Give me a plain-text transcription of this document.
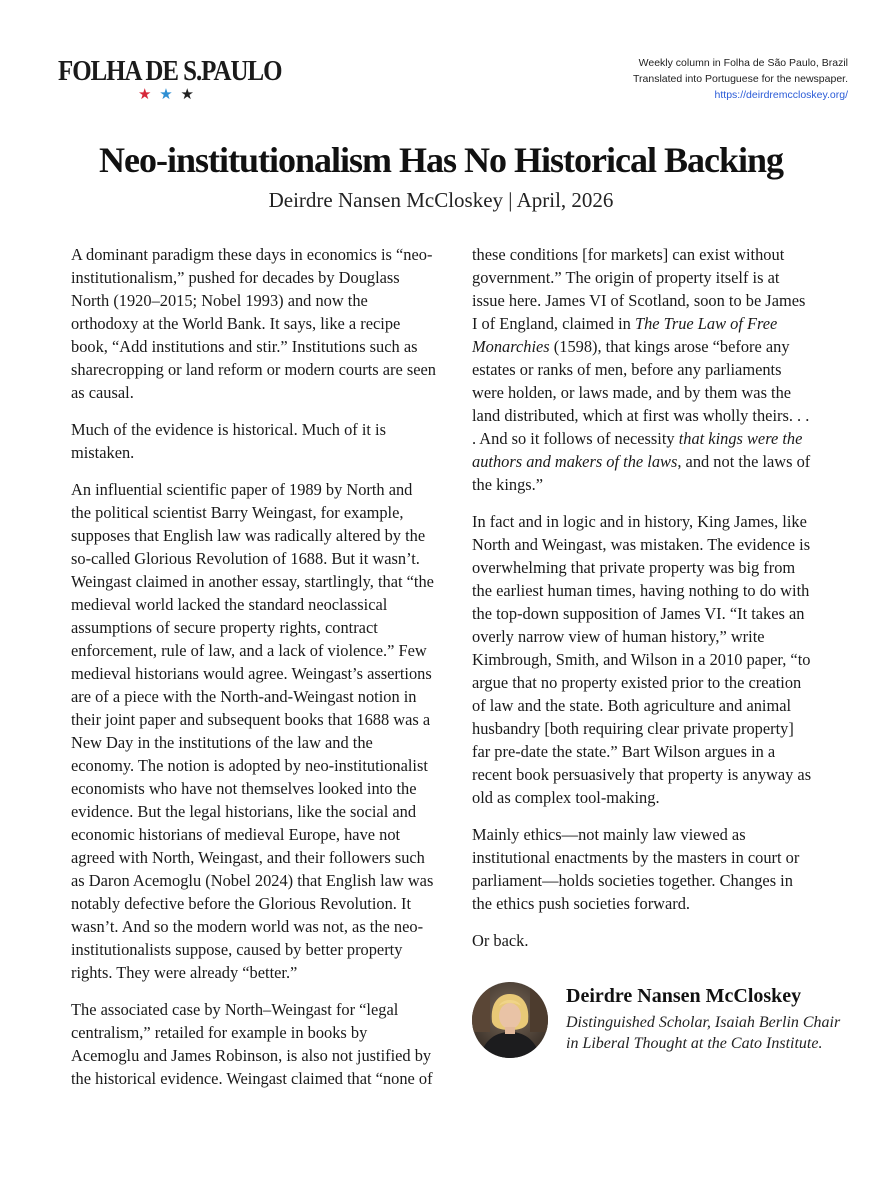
FOLHA DE S.PAULO
★ ★ ★
Weekly column in Folha de São Paulo, Brazil
Translated into Portuguese for the newspaper.
https://deirdremccloskey.org/
Neo-institutionalism Has No Historical Backing
Deirdre Nansen McCloskey | April, 2026

A dominant paradigm these days in economics is “neo-institutionalism,” pushed for decades by Douglass North (1920–2015; Nobel 1993) and now the orthodoxy at the World Bank. It says, like a recipe book, “Add institutions and stir.” Institutions such as sharecropping or land reform or modern courts are seen as causal.

Much of the evidence is historical. Much of it is mistaken.

An influential scientific paper of 1989 by North and the political scientist Barry Weingast, for example, supposes that English law was radically altered by the so-called Glorious Revolution of 1688. But it wasn’t. Weingast claimed in another essay, startlingly, that “the medieval world lacked the standard neoclassical assumptions of secure property rights, contract enforcement, rule of law, and a lack of violence.” Few medieval historians would agree. Weingast’s assertions are of a piece with the North-and-Weingast notion in their joint paper and subsequent books that 1688 was a New Day in the institutions of the law and the economy. The notion is adopted by neo-institutionalist economists who have not themselves looked into the evidence. But the legal historians, like the social and economic historians of medieval Europe, have not agreed with North, Weingast, and their followers such as Daron Acemoglu (Nobel 2024) that English law was notably defective before the Glorious Revolution. It wasn’t. And so the modern world was not, as the neo-institutionalists suppose, caused by better property rights. They were already “better.”

The associated case by North–Weingast for “legal centralism,” retailed for example in books by Acemoglu and James Robinson, is also not justified by the historical evidence. Weingast claimed that “none of

these conditions [for markets] can exist without government.” The origin of property itself is at issue here. James VI of Scotland, soon to be James I of England, claimed in The True Law of Free Monarchies (1598), that kings arose “before any estates or ranks of men, before any parliaments were holden, or laws made, and by them was the land distributed, which at first was wholly theirs. . . . And so it follows of necessity that kings were the authors and makers of the laws, and not the laws of the kings.”

In fact and in logic and in history, King James, like North and Weingast, was mistaken. The evidence is overwhelming that private property was big from the earliest human times, having nothing to do with the top-down supposition of James VI. “It takes an overly narrow view of human history,” write Kimbrough, Smith, and Wilson in a 2010 paper, “to argue that no property existed prior to the creation of law and the state. Both agriculture and animal husbandry [both requiring clear private property] far pre-date the state.” Bart Wilson argues in a recent book persuasively that property is anyway as old as complex tool-making.

Mainly ethics—not mainly law viewed as institutional enactments by the masters in court or parliament—holds societies together. Changes in the ethics push societies forward.

Or back.

Deirdre Nansen McCloskey
Distinguished Scholar, Isaiah Berlin Chair in Liberal Thought at the Cato Institute.
